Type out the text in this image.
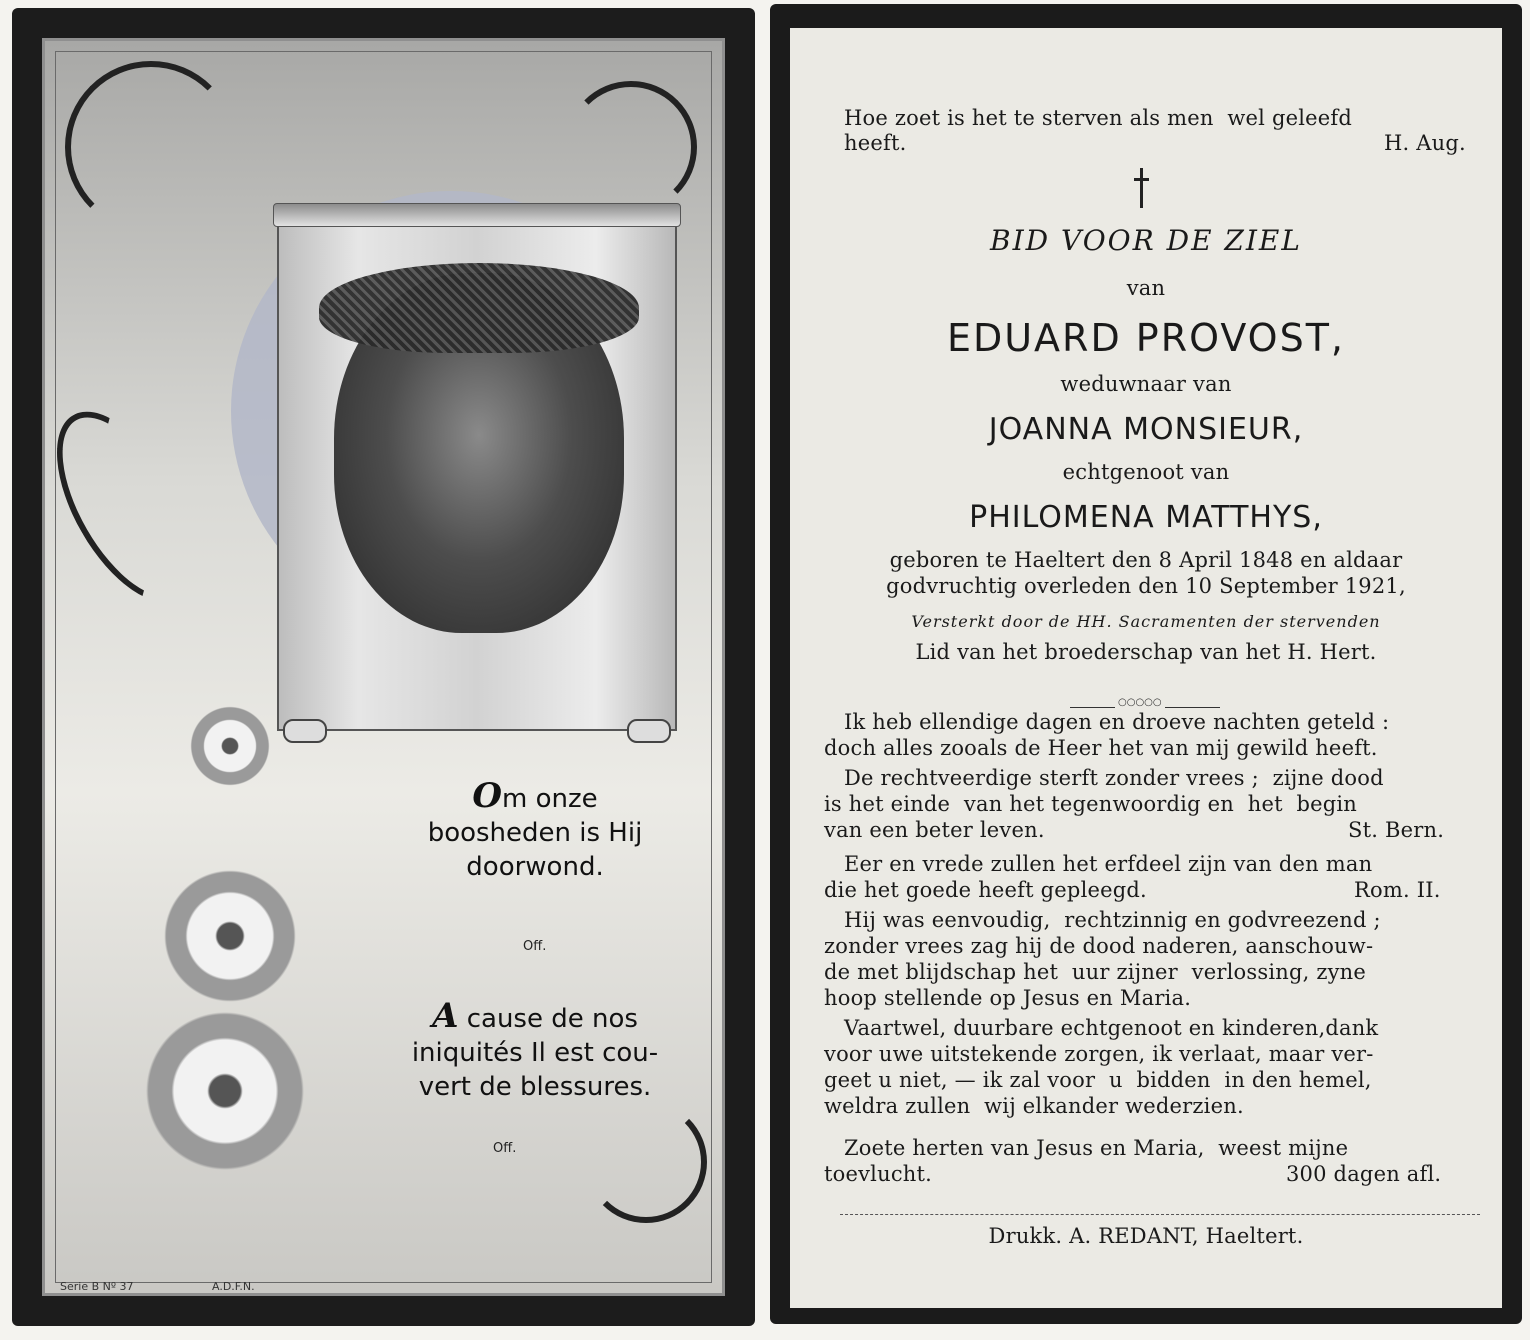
Om onze
boosheden is Hij
doorwond.
Off.
A cause de nos
iniquités Il est cou-
vert de blessures.
Off.
Serie B Nº 37	A.D.F.N.
Hoe zoet is het te sterven als men  wel geleefd
heeft.	H. Aug.
BID VOOR DE ZIEL
van
EDUARD PROVOST,
weduwnaar van
JOANNA MONSIEUR,
echtgenoot van
PHILOMENA MATTHYS,
geboren te Haeltert den 8 April 1848 en aldaar
godvruchtig overleden den 10 September 1921,
Versterkt door de HH. Sacramenten der stervenden
Lid van het broederschap van het H. Hert.
○○○○○
Ik heb ellendige dagen en droeve nachten geteld :
doch alles zooals de Heer het van mij gewild heeft.
De rechtveerdige sterft zonder vrees ;  zijne dood
is het einde  van het tegenwoordig en  het  begin
van een beter leven.	St. Bern.
Eer en vrede zullen het erfdeel zijn van den man
die het goede heeft gepleegd.	Rom. II.
Hij was eenvoudig,  rechtzinnig en godvreezend ;
zonder vrees zag hij de dood naderen, aanschouw-
de met blijdschap het  uur zijner  verlossing, zyne
hoop stellende op Jesus en Maria.
Vaartwel, duurbare echtgenoot en kinderen,dank
voor uwe uitstekende zorgen, ik verlaat, maar ver-
geet u niet, — ik zal voor  u  bidden  in den hemel,
weldra zullen  wij elkander wederzien.
Zoete herten van Jesus en Maria,  weest mijne
toevlucht.	300 dagen afl.
Drukk. A. REDANT, Haeltert.
